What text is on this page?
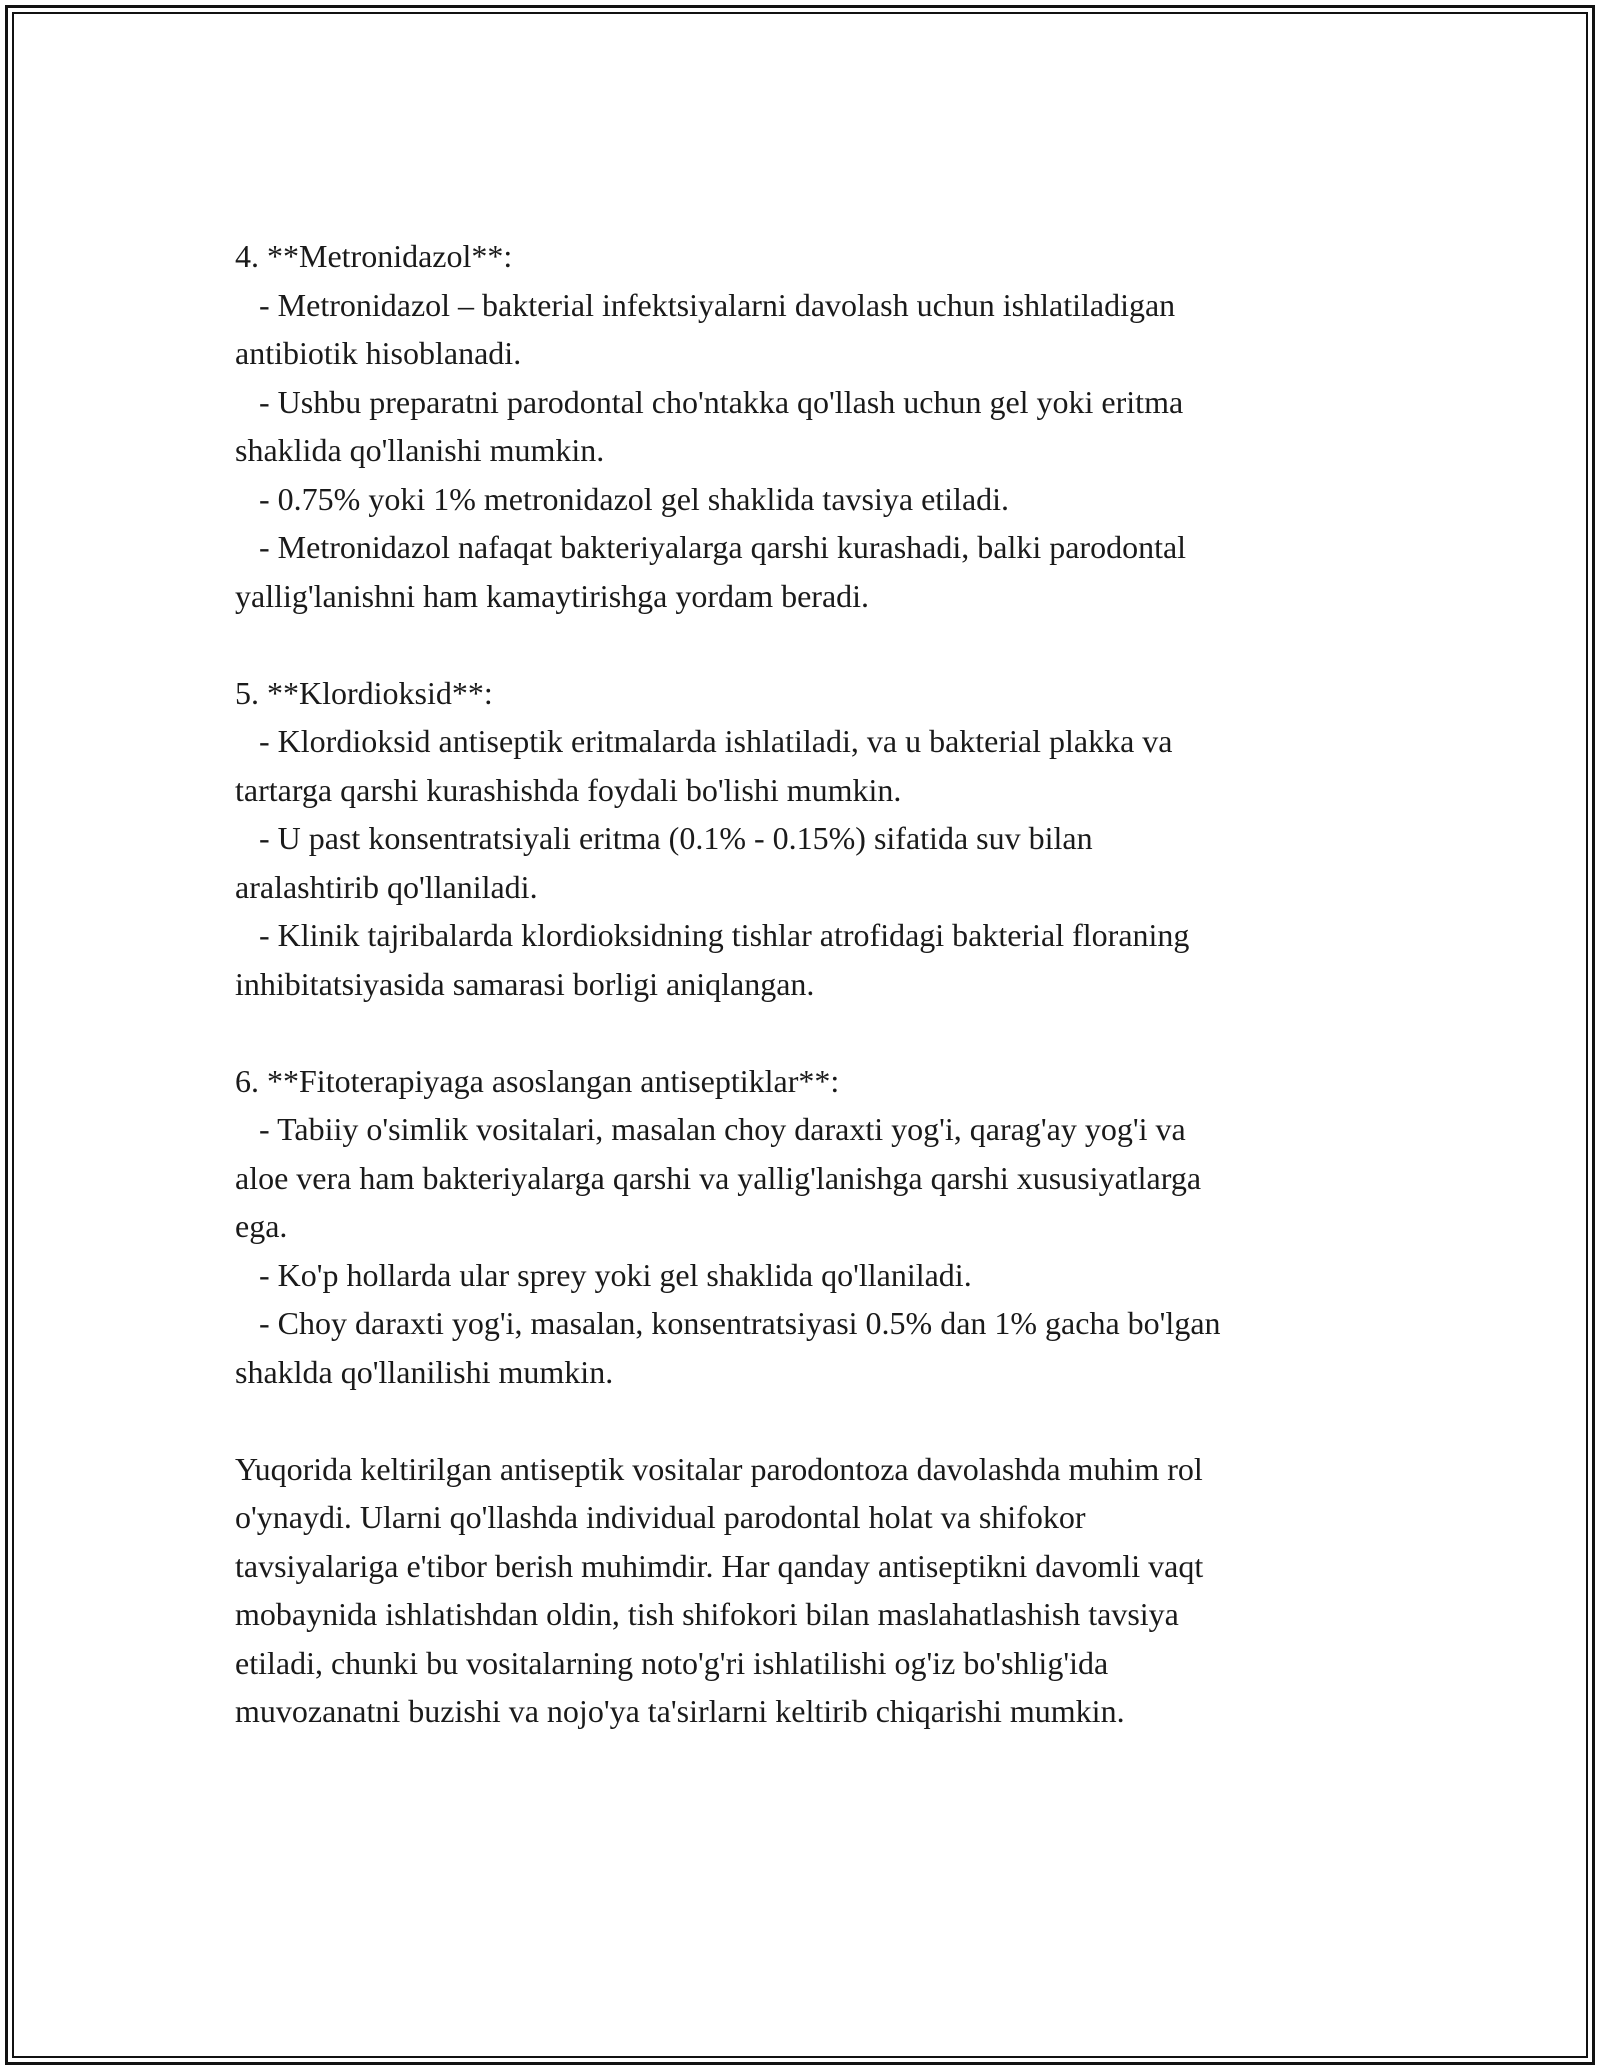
4. **Metronidazol**:
- Metronidazol – bakterial infektsiyalarni davolash uchun ishlatiladigan
antibiotik hisoblanadi.
- Ushbu preparatni parodontal cho'ntakka qo'llash uchun gel yoki eritma
shaklida qo'llanishi mumkin.
- 0.75% yoki 1% metronidazol gel shaklida tavsiya etiladi.
- Metronidazol nafaqat bakteriyalarga qarshi kurashadi, balki parodontal
yallig'lanishni ham kamaytirishga yordam beradi.
5. **Klordioksid**:
- Klordioksid antiseptik eritmalarda ishlatiladi, va u bakterial plakka va
tartarga qarshi kurashishda foydali bo'lishi mumkin.
- U past konsentratsiyali eritma (0.1% - 0.15%) sifatida suv bilan
aralashtirib qo'llaniladi.
- Klinik tajribalarda klordioksidning tishlar atrofidagi bakterial floraning
inhibitatsiyasida samarasi borligi aniqlangan.
6. **Fitoterapiyaga asoslangan antiseptiklar**:
- Tabiiy o'simlik vositalari, masalan choy daraxti yog'i, qarag'ay yog'i va
aloe vera ham bakteriyalarga qarshi va yallig'lanishga qarshi xususiyatlarga
ega.
- Ko'p hollarda ular sprey yoki gel shaklida qo'llaniladi.
- Choy daraxti yog'i, masalan, konsentratsiyasi 0.5% dan 1% gacha bo'lgan
shaklda qo'llanilishi mumkin.
Yuqorida keltirilgan antiseptik vositalar parodontoza davolashda muhim rol
o'ynaydi. Ularni qo'llashda individual parodontal holat va shifokor
tavsiyalariga e'tibor berish muhimdir. Har qanday antiseptikni davomli vaqt
mobaynida ishlatishdan oldin, tish shifokori bilan maslahatlashish tavsiya
etiladi, chunki bu vositalarning noto'g'ri ishlatilishi og'iz bo'shlig'ida
muvozanatni buzishi va nojo'ya ta'sirlarni keltirib chiqarishi mumkin.
